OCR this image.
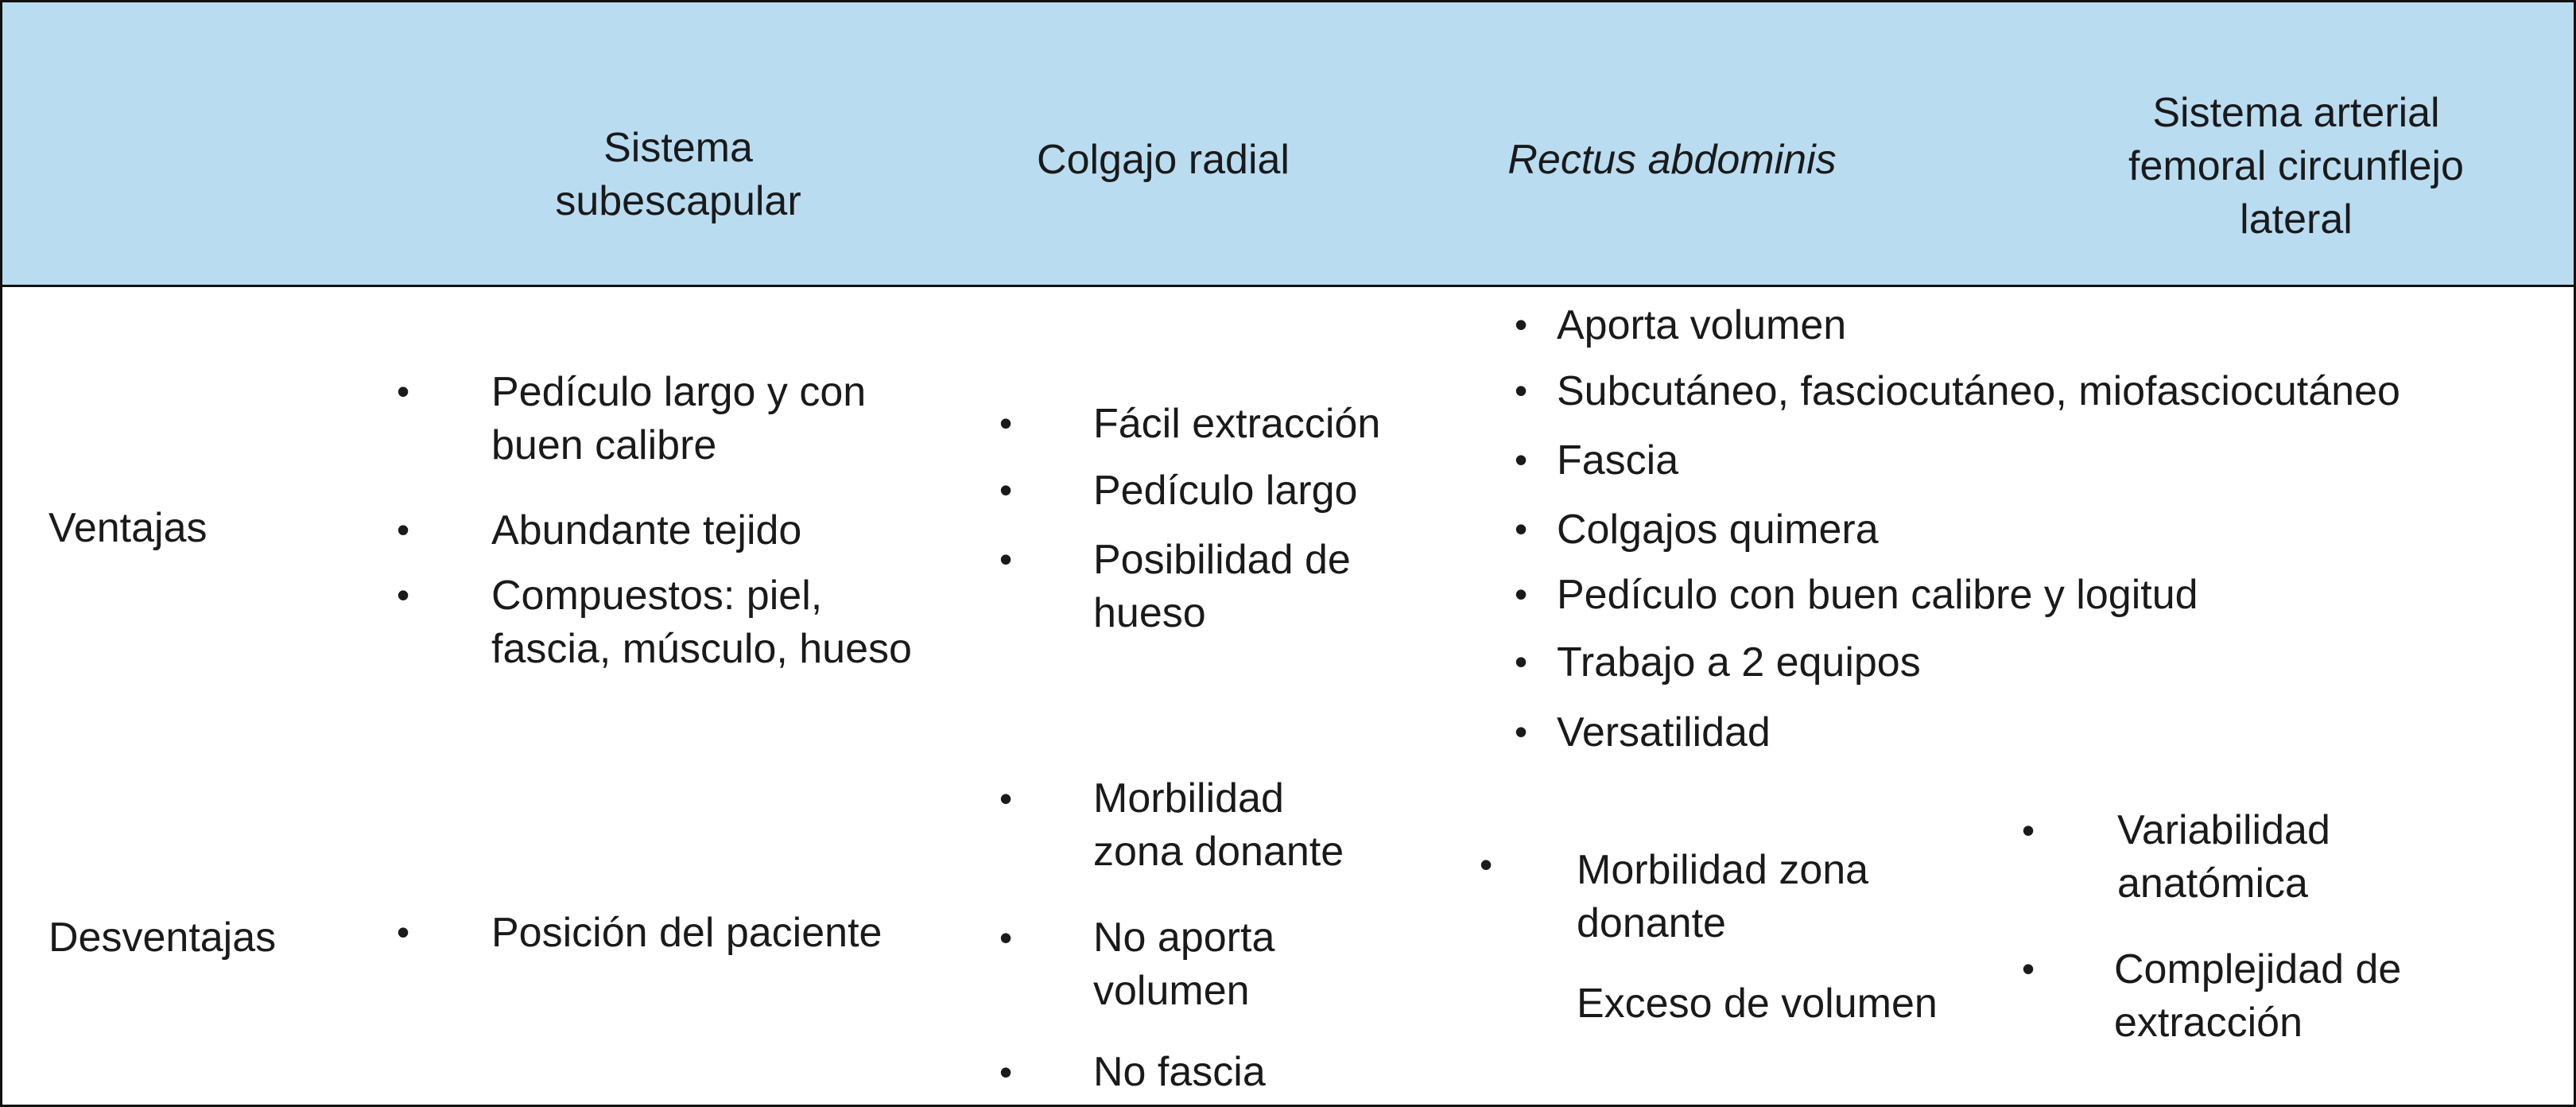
Sistema
subescapular
Colgajo radial	Rectus abdominis
Sistema arterial
femoral circunflejo
lateral
Ventajas
Desventajas
• Pedículo largo y con
buen calibre
• Abundante tejido
• Compuestos: piel,
fascia, músculo, hueso
• Fácil extracción
• Pedículo largo
• Posibilidad de
hueso
• Aporta volumen
• Subcutáneo, fasciocutáneo, miofasciocutáneo
• Fascia
• Colgajos quimera
• Pedículo con buen calibre y logitud
• Trabajo a 2 equipos
• Versatilidad
• Posición del paciente
• Morbilidad
zona donante
• No aporta
volumen
• No fascia
• Morbilidad zona
donante
Exceso de volumen
• Variabilidad
anatómica
• Complejidad de
extracción
